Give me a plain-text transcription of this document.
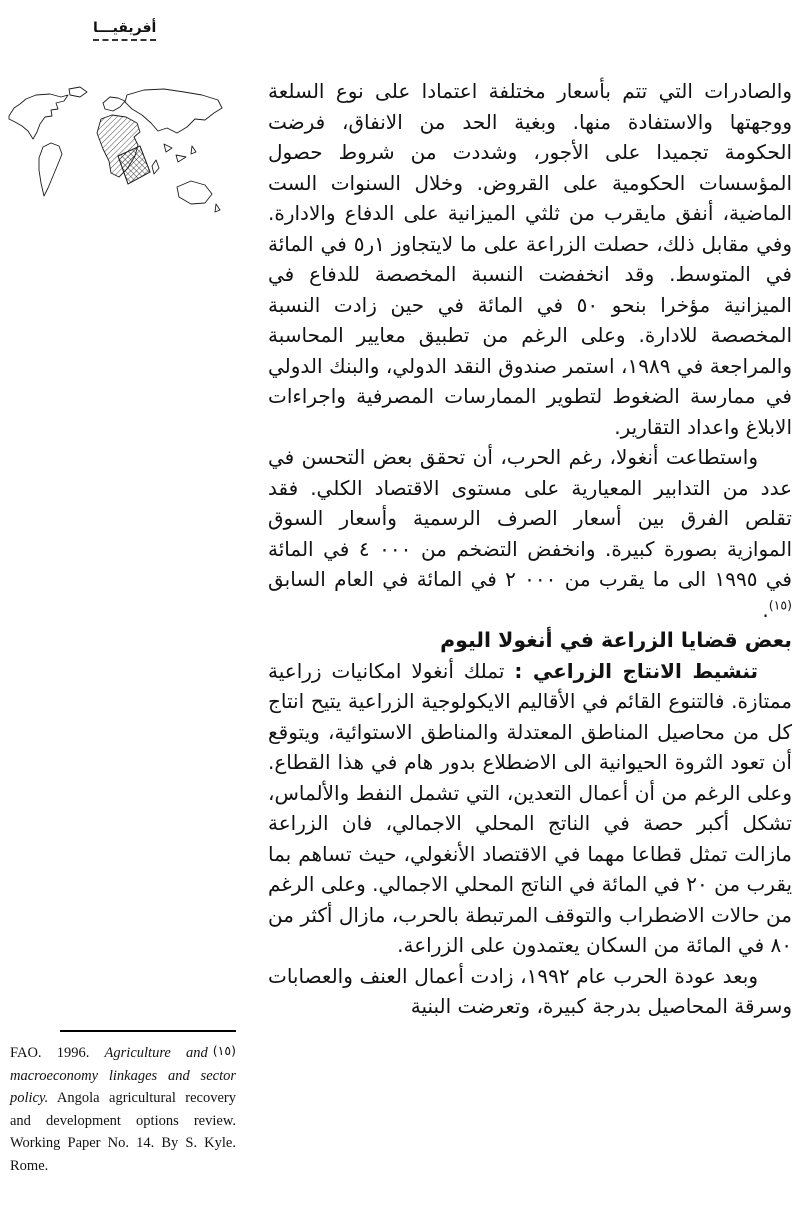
أفريقيـــا

والصادرات التي تتم بأسعار مختلفة اعتمادا على نوع السلعة ووجهتها والاستفادة منها. وبغية الحد من الانفاق، فرضت الحكومة تجميدا على الأجور، وشددت من شروط حصول المؤسسات الحكومية على القروض. وخلال السنوات الست الماضية، أنفق مايقرب من ثلثي الميزانية على الدفاع والادارة. وفي مقابل ذلك، حصلت الزراعة على ما لايتجاوز ١ر٥ في المائة في المتوسط. وقد انخفضت النسبة المخصصة للدفاع في الميزانية مؤخرا بنحو ٥٠ في المائة في حين زادت النسبة المخصصة للادارة. وعلى الرغم من تطبيق معايير المحاسبة والمراجعة في ١٩٨٩، استمر صندوق النقد الدولي، والبنك الدولي في ممارسة الضغوط لتطوير الممارسات المصرفية واجراءات الابلاغ واعداد التقارير.

واستطاعت أنغولا، رغم الحرب، أن تحقق بعض التحسن في عدد من التدابير المعيارية على مستوى الاقتصاد الكلي. فقد تقلص الفرق بين أسعار الصرف الرسمية وأسعار السوق الموازية بصورة كبيرة. وانخفض التضخم من ٤ ٠٠٠ في المائة في ١٩٩٥ الى ما يقرب من ٢ ٠٠٠ في المائة في العام السابق $^{(١٥)}$.

بعض قضايا الزراعة في أنغولا اليوم

تنشيط الانتاج الزراعي : تملك أنغولا امكانيات زراعية ممتازة. فالتنوع القائم في الأقاليم الايكولوجية الزراعية يتيح انتاج كل من محاصيل المناطق المعتدلة والمناطق الاستوائية، ويتوقع أن تعود الثروة الحيوانية الى الاضطلاع بدور هام في هذا القطاع. وعلى الرغم من أن أعمال التعدين، التي تشمل النفط والألماس، تشكل أكبر حصة في الناتج المحلي الاجمالي، فان الزراعة مازالت تمثل قطاعا مهما في الاقتصاد الأنغولي، حيث تساهم بما يقرب من ٢٠ في المائة في الناتج المحلي الاجمالي. وعلى الرغم من حالات الاضطراب والتوقف المرتبطة بالحرب، مازال أكثر من ٨٠ في المائة من السكان يعتمدون على الزراعة.

وبعد عودة الحرب عام ١٩٩٢، زادت أعمال العنف والعصابات وسرقة المحاصيل بدرجة كبيرة، وتعرضت البنية

(١٥)
FAO. 1996. Agriculture and macroeconomy linkages and sector policy. Angola agricultural recovery and development options review. Working Paper No. 14. By S. Kyle. Rome.
